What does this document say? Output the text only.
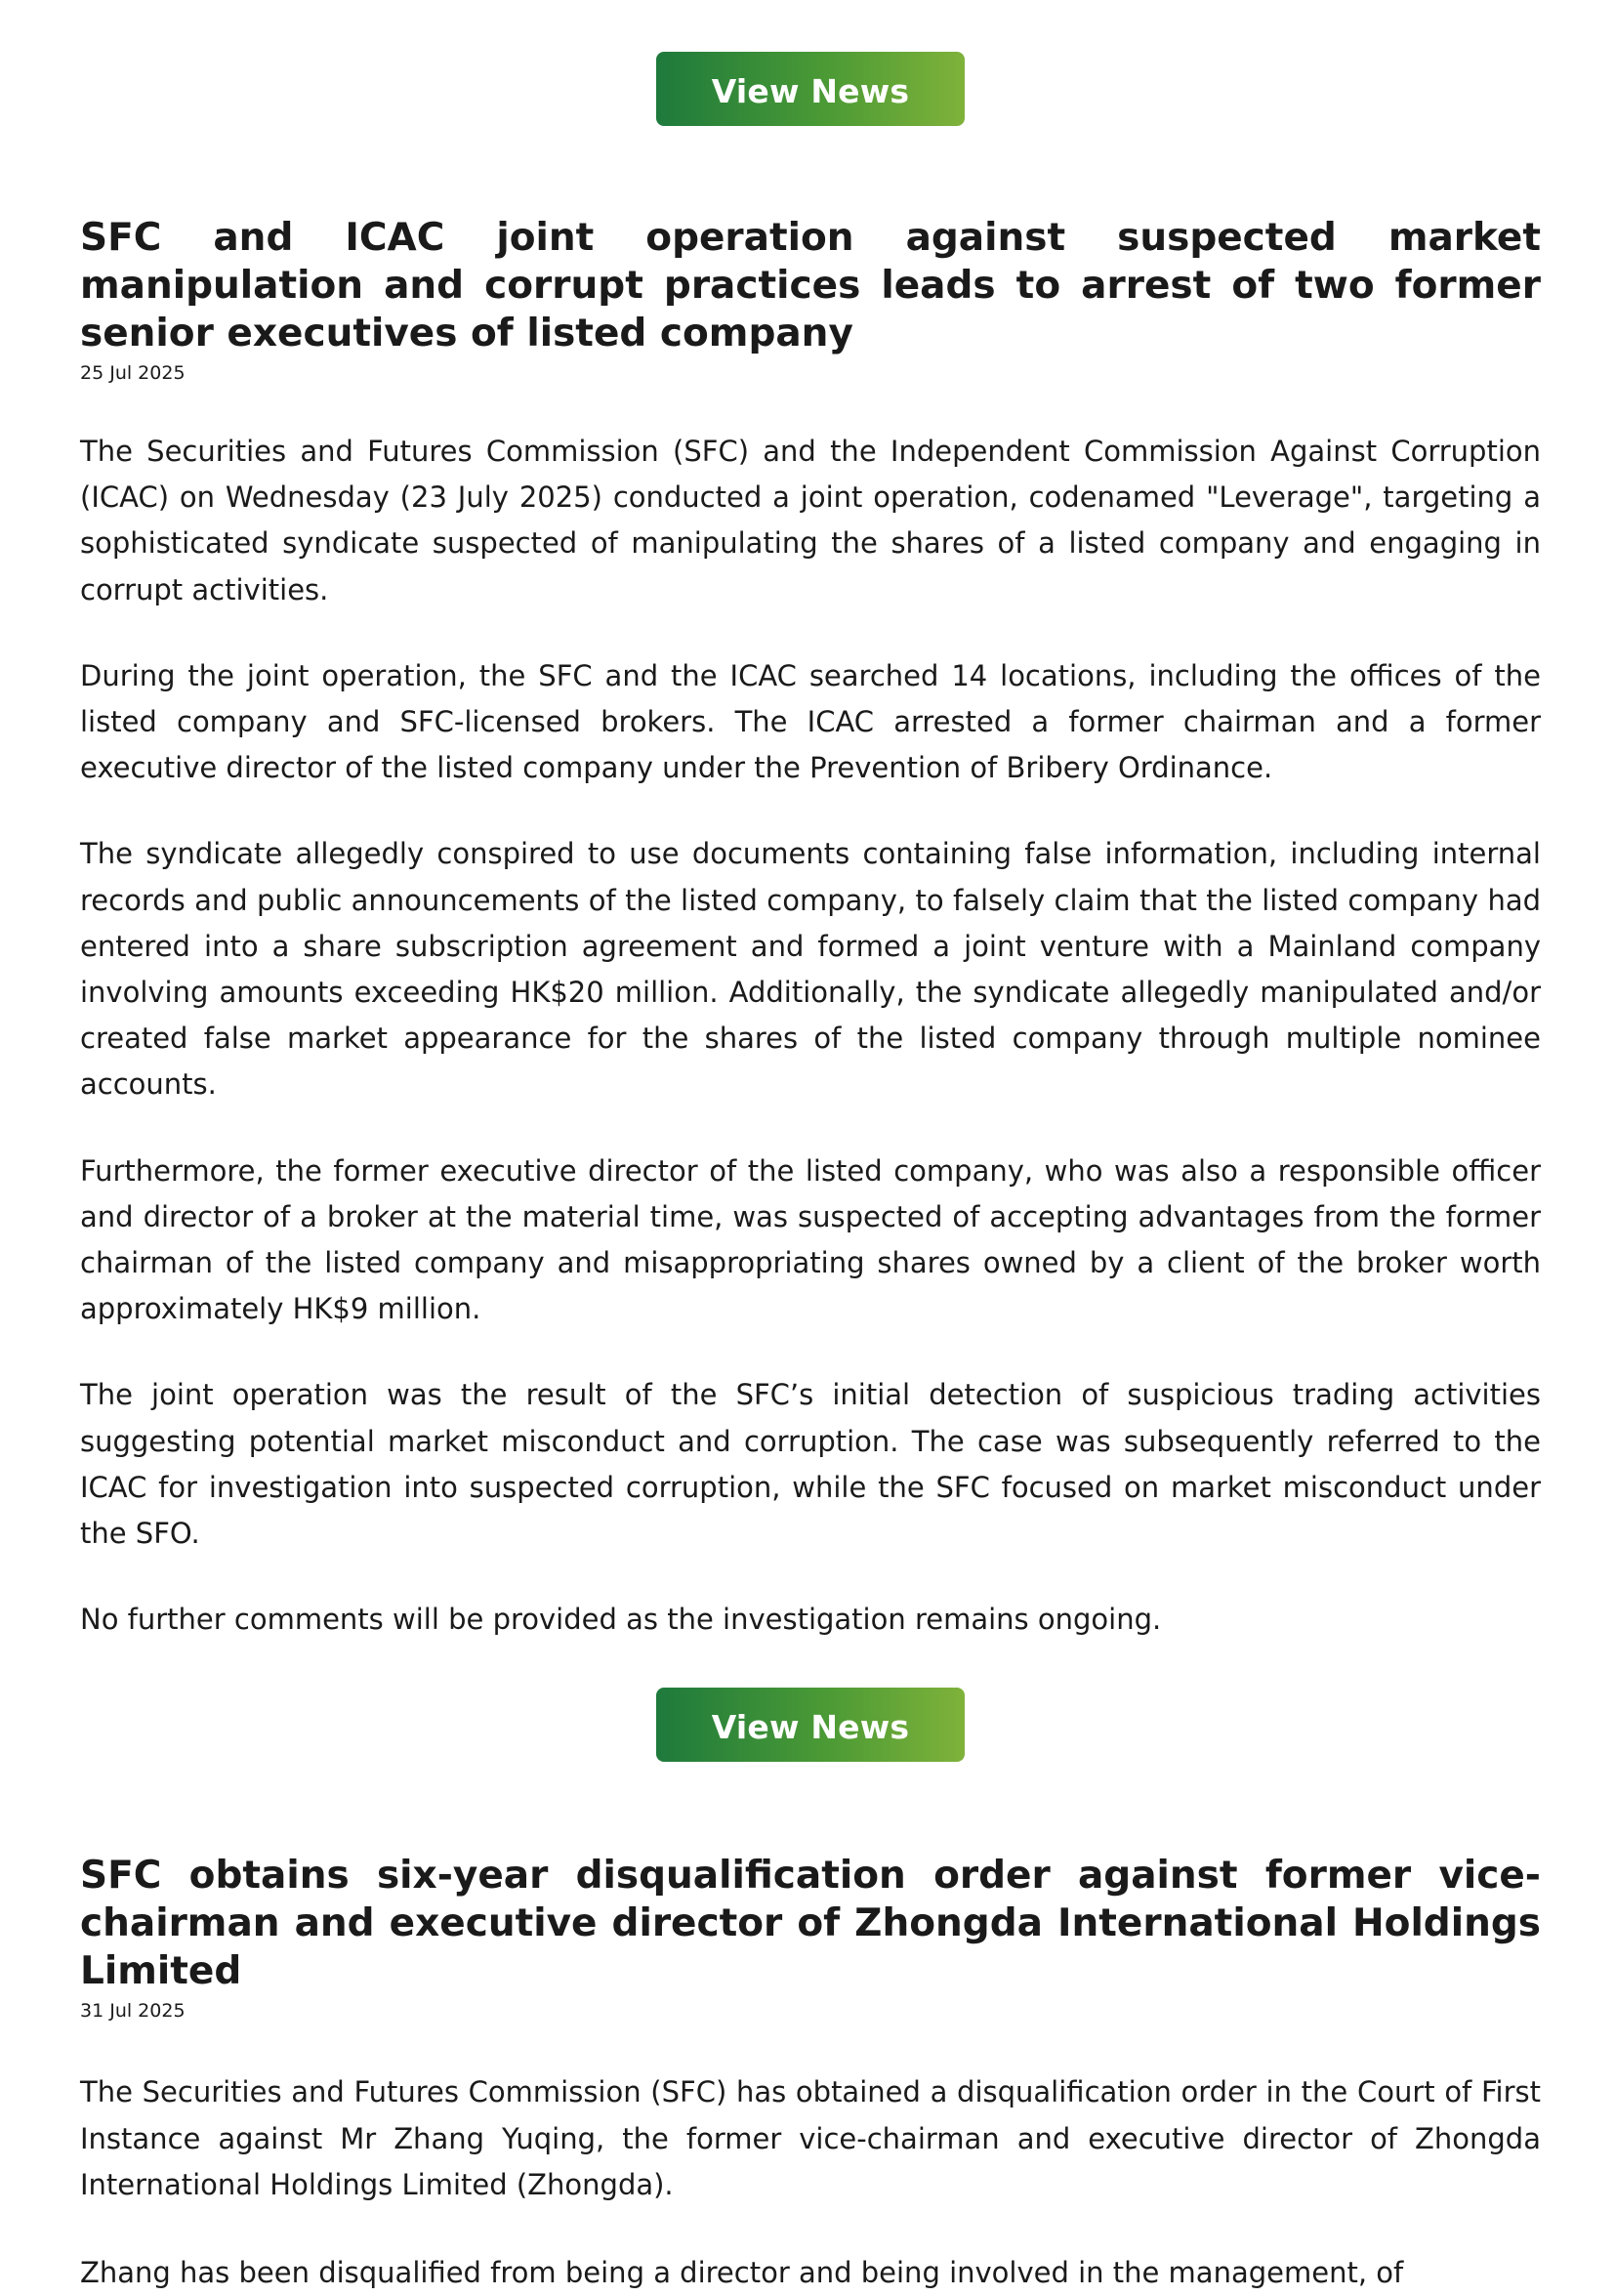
View News
SFC and ICAC joint operation against suspected market manipulation and corrupt practices leads to arrest of two former senior executives of listed company
25 Jul 2025

The Securities and Futures Commission (SFC) and the Independent Commission Against Corruption (ICAC) on Wednesday (23 July 2025) conducted a joint operation, codenamed "Leverage", targeting a sophisticated syndicate suspected of manipulating the shares of a listed company and engaging in corrupt activities.

During the joint operation, the SFC and the ICAC searched 14 locations, including the offices of the listed company and SFC-licensed brokers. The ICAC arrested a former chairman and a former executive director of the listed company under the Prevention of Bribery Ordinance.

The syndicate allegedly conspired to use documents containing false information, including internal records and public announcements of the listed company, to falsely claim that the listed company had entered into a share subscription agreement and formed a joint venture with a Mainland company involving amounts exceeding HK$20 million. Additionally, the syndicate allegedly manipulated and/or created false market appearance for the shares of the listed company through multiple nominee accounts.

Furthermore, the former executive director of the listed company, who was also a responsible officer and director of a broker at the material time, was suspected of accepting advantages from the former chairman of the listed company and misappropriating shares owned by a client of the broker worth approximately HK$9 million.

The joint operation was the result of the SFC’s initial detection of suspicious trading activities suggesting potential market misconduct and corruption. The case was subsequently referred to the ICAC for investigation into suspected corruption, while the SFC focused on market misconduct under the SFO.

No further comments will be provided as the investigation remains ongoing.

View News
SFC obtains six-year disqualification order against former vice-chairman and executive director of Zhongda International Holdings Limited
31 Jul 2025

The Securities and Futures Commission (SFC) has obtained a disqualification order in the Court of First Instance against Mr Zhang Yuqing, the former vice-chairman and executive director of Zhongda International Holdings Limited (Zhongda).

Zhang has been disqualified from being a director and being involved in the management, of
